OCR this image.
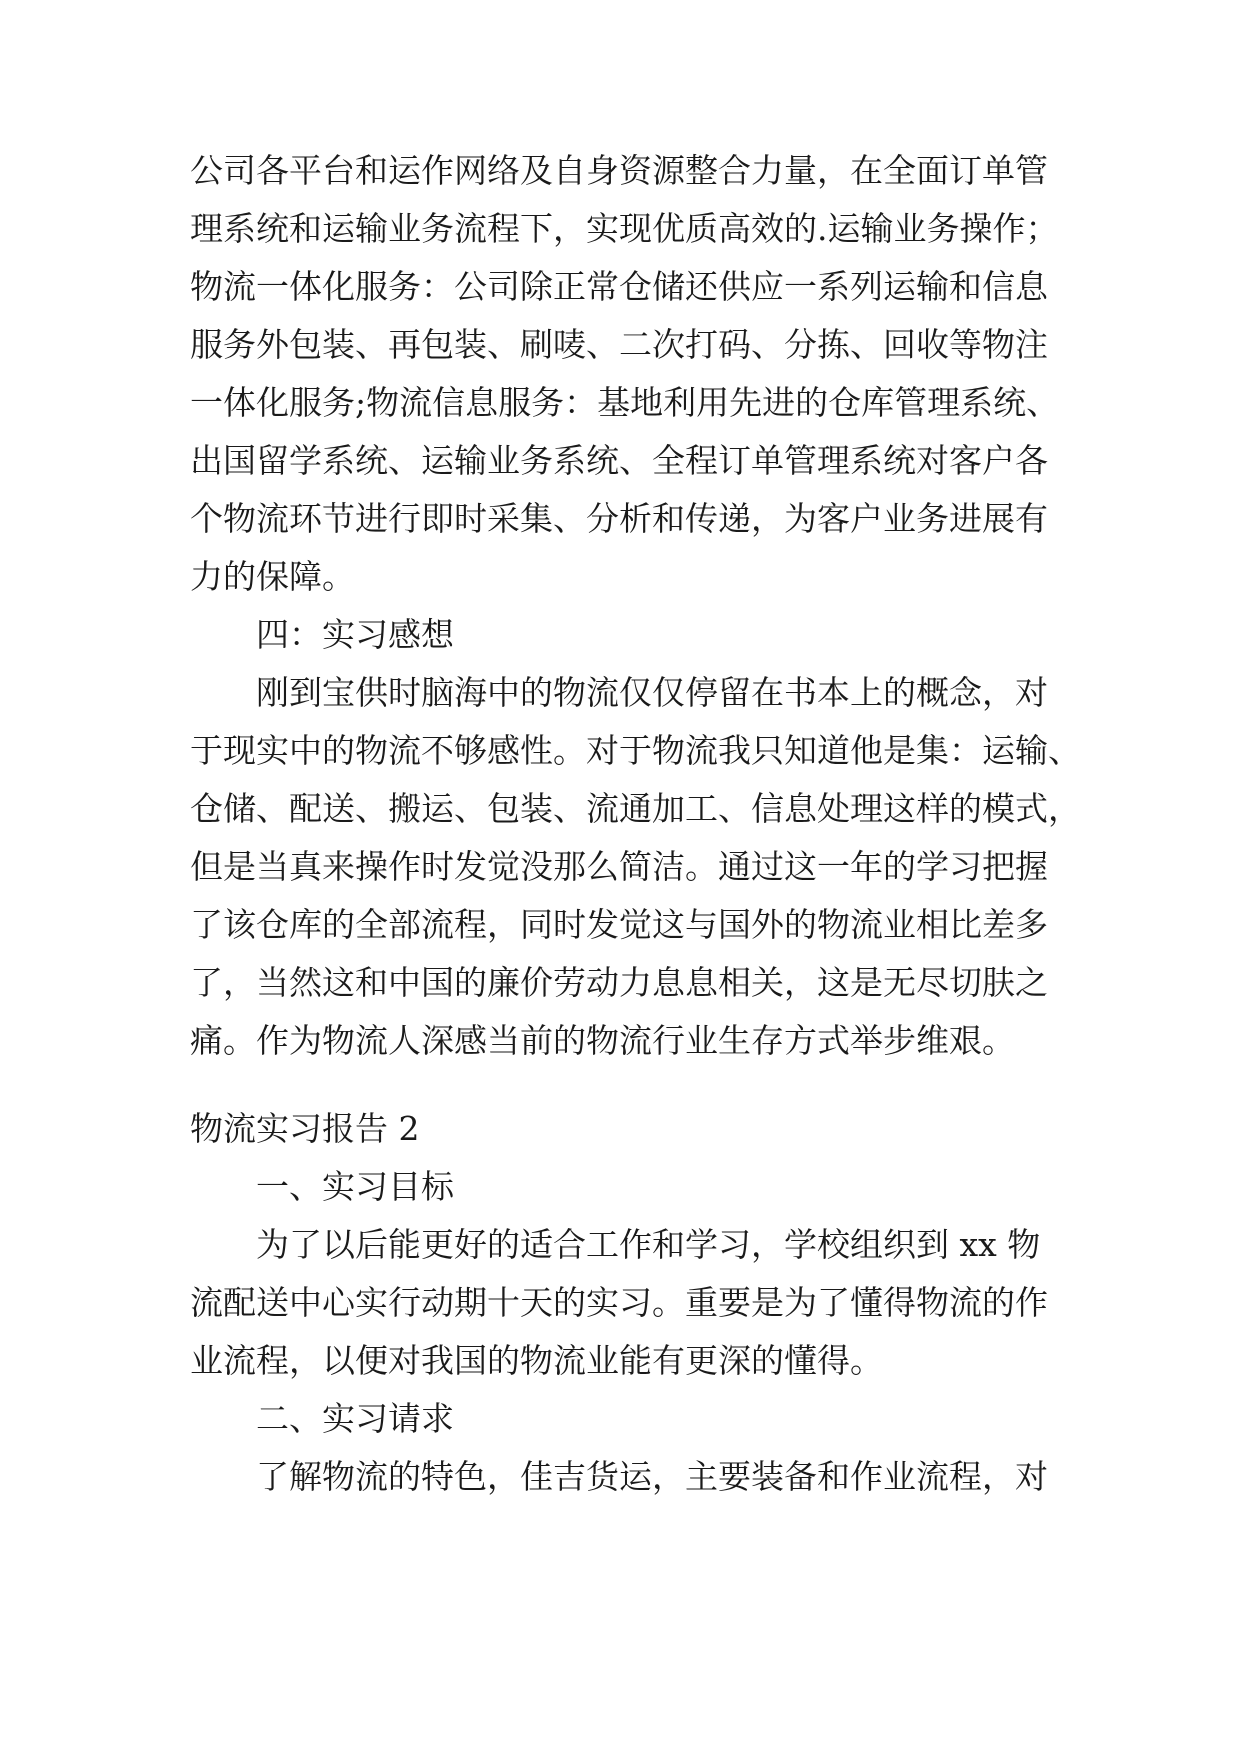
公司各平台和运作网络及自身资源整合力量，在全面订单管
理系统和运输业务流程下，实现优质高效的.运输业务操作；
物流一体化服务：公司除正常仓储还供应一系列运输和信息
服务外包装、再包装、刷唛、二次打码、分拣、回收等物注
一体化服务;物流信息服务：基地利用先进的仓库管理系统、
出国留学系统、运输业务系统、全程订单管理系统对客户各
个物流环节进行即时采集、分析和传递，为客户业务进展有
力的保障。
四：实习感想
刚到宝供时脑海中的物流仅仅停留在书本上的概念，对
于现实中的物流不够感性。对于物流我只知道他是集：运输、
仓储、配送、搬运、包装、流通加工、信息处理这样的模式，
但是当真来操作时发觉没那么简洁。通过这一年的学习把握
了该仓库的全部流程，同时发觉这与国外的物流业相比差多
了，当然这和中国的廉价劳动力息息相关，这是无尽切肤之
痛。作为物流人深感当前的物流行业生存方式举步维艰。
物流实习报告 2
一、实习目标
为了以后能更好的适合工作和学习，学校组织到 xx 物
流配送中心实行动期十天的实习。重要是为了懂得物流的作
业流程，以便对我国的物流业能有更深的懂得。
二、实习请求
了解物流的特色，佳吉货运，主要装备和作业流程，对
